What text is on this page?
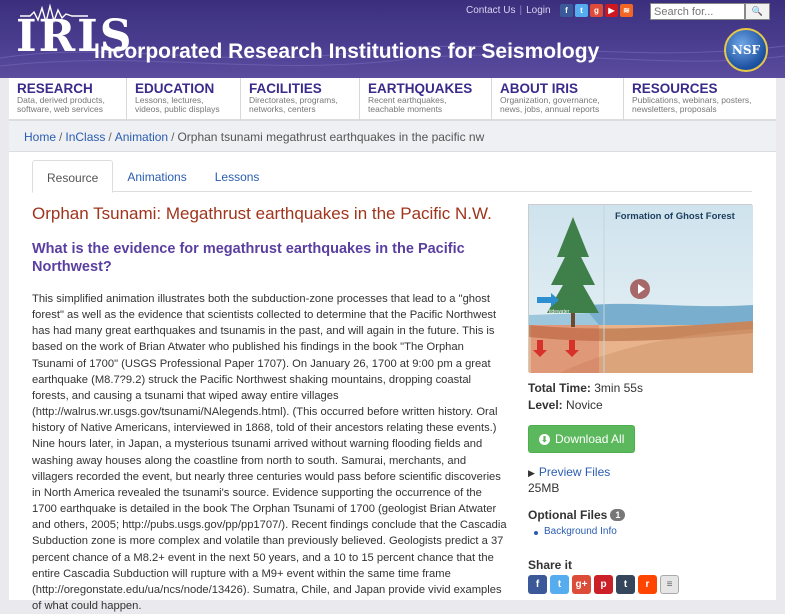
IRIS
Incorporated Research Institutions for Seismology
Contact Us | Login	f	t	g	▶	≋
Search for...	🔍
NSF
RESEARCH
Data, derived products,
software, web services
EDUCATION
Lessons, lectures,
videos, public displays
FACILITIES
Directorates, programs,
networks, centers
EARTHQUAKES
Recent earthquakes,
teachable moments
ABOUT IRIS
Organization, governance,
news, jobs, annual reports
RESOURCES
Publications, webinars, posters,
newsletters, proposals
Home / InClass / Animation / Orphan tsunami megathrust earthquakes in the pacific nw
Resource	Animations	Lessons
Orphan Tsunami: Megathrust earthquakes in the Pacific N.W.
What is the evidence for megathrust earthquakes in the Pacific Northwest?
This simplified animation illustrates both the subduction-zone processes that lead to a "ghost forest" as well as the evidence that scientists collected to determine that the Pacific Northwest has had many great earthquakes and tsunamis in the past, and will again in the future. This is based on the work of Brian Atwater who published his findings in the book "The Orphan Tsunami of 1700" (USGS Professional Paper 1707). On January 26, 1700 at 9:00 pm a great earthquake (M8.7?9.2) struck the Pacific Northwest shaking mountains, dropping coastal forests, and causing a tsunami that wiped away entire villages (http://walrus.wr.usgs.gov/tsunami/NAlegends.html). (This occurred before written history. Oral history of Native Americans, interviewed in 1868, told of their ancestors relating these events.) Nine hours later, in Japan, a mysterious tsunami arrived without warning flooding fields and washing away houses along the coastline from north to south. Samurai, merchants, and villagers recorded the event, but nearly three centuries would pass before scientific discoveries in North America revealed the tsunami's source. Evidence supporting the occurrence of the 1700 earthquake is detailed in the book The Orphan Tsunami of 1700 (geologist Brian Atwater and others, 2005; http://pubs.usgs.gov/pp/pp1707/). Recent findings conclude that the Cascadia Subduction zone is more complex and volatile than previously believed. Geologists predict a 37 percent chance of a M8.2+ event in the next 50 years, and a 10 to 15 percent chance that the entire Cascadia Subduction will rupture with a M9+ event within the same time frame (http://oregonstate.edu/ua/ncs/node/13426). Sumatra, Chile, and Japan provide vivid examples of what could happen.
Formation of Ghost Forest
tidewater
Total Time: 3min 55s
Level: Novice
⬇ Download All
▶ Preview Files
25MB
Optional Files 1
Background Info
Share it
f	t	g+	p	t	r	≡
